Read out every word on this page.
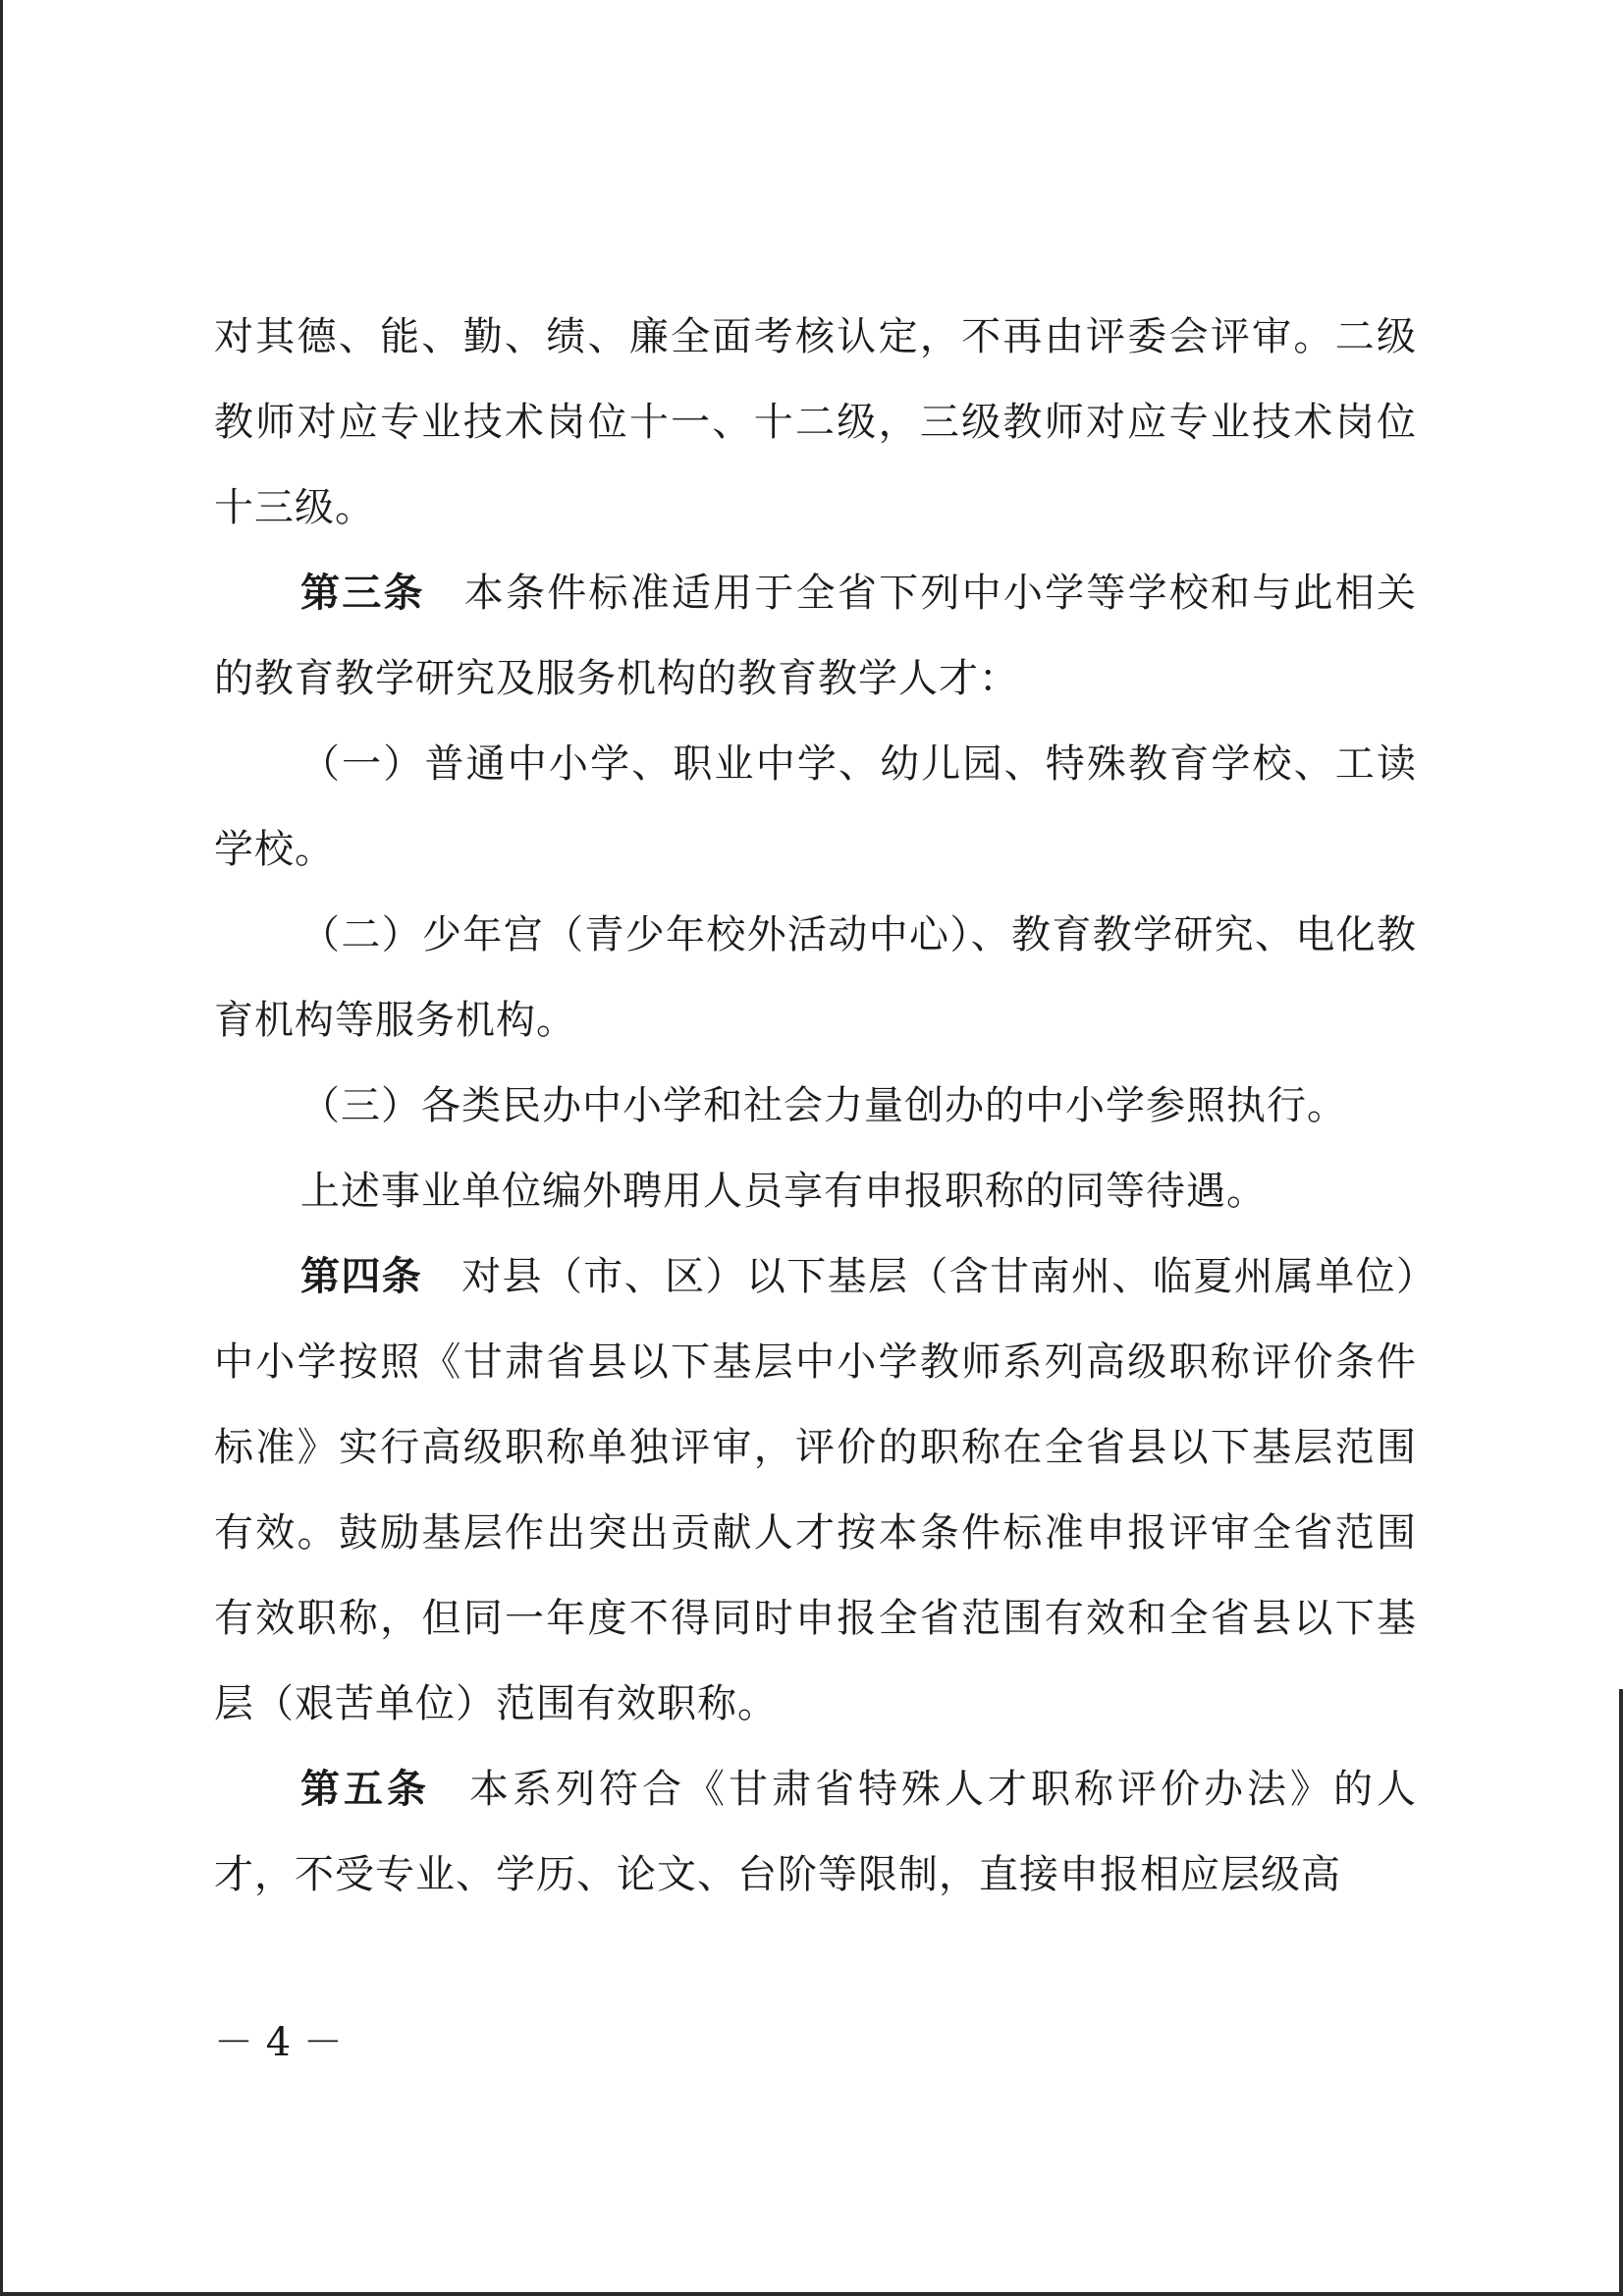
对其德、能、勤、绩、廉全面考核认定，不再由评委会评审。二级教师对应专业技术岗位十一、十二级，三级教师对应专业技术岗位十三级。

第三条 本条件标准适用于全省下列中小学等学校和与此相关的教育教学研究及服务机构的教育教学人才：

（一）普通中小学、职业中学、幼儿园、特殊教育学校、工读学校。

（二）少年宫（青少年校外活动中心）、教育教学研究、电化教育机构等服务机构。

（三）各类民办中小学和社会力量创办的中小学参照执行。

上述事业单位编外聘用人员享有申报职称的同等待遇。

第四条 对县（市、区）以下基层（含甘南州、临夏州属单位）中小学按照《甘肃省县以下基层中小学教师系列高级职称评价条件标准》实行高级职称单独评审，评价的职称在全省县以下基层范围有效。鼓励基层作出突出贡献人才按本条件标准申报评审全省范围有效职称，但同一年度不得同时申报全省范围有效和全省县以下基层（艰苦单位）范围有效职称。

第五条 本系列符合《甘肃省特殊人才职称评价办法》的人才，不受专业、学历、论文、台阶等限制，直接申报相应层级高

－ 4 －
